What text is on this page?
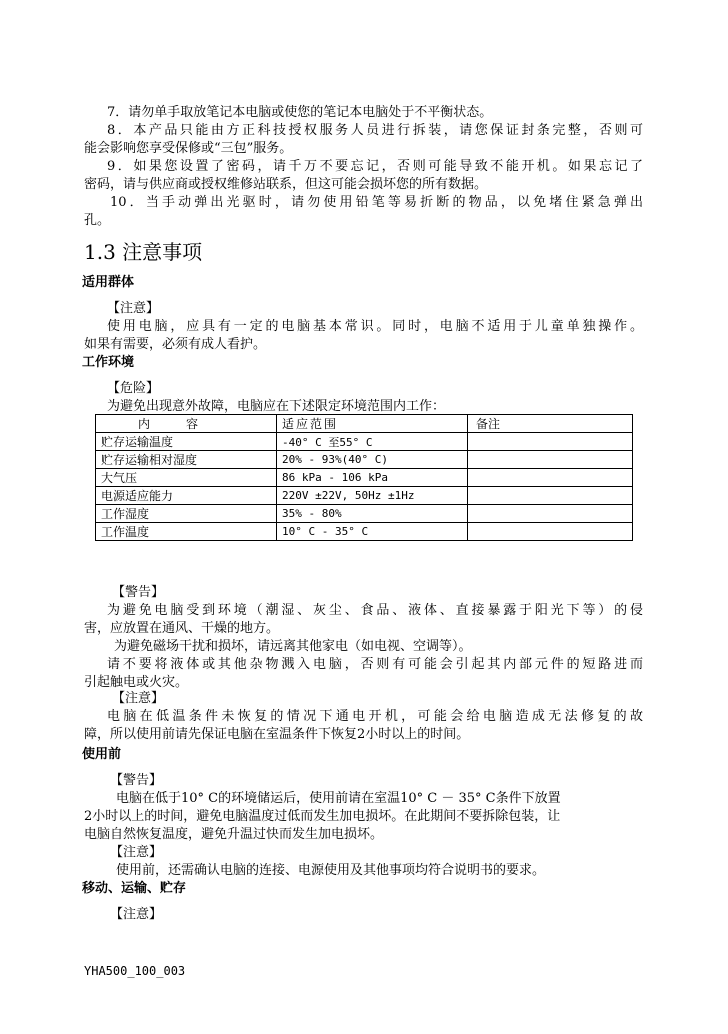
7．请勿单手取放笔记本电脑或使您的笔记本电脑处于不平衡状态。
8．本产品只能由方正科技授权服务人员进行拆装，请您保证封条完整，否则可
能会影响您享受保修或“三包”服务。
9．如果您设置了密码，请千万不要忘记，否则可能导致不能开机。如果忘记了
密码，请与供应商或授权维修站联系，但这可能会损坏您的所有数据。
10．当手动弹出光驱时，请勿使用铅笔等易折断的物品，以免堵住紧急弹出
孔。
1.3 注意事项
适用群体
【注意】
使用电脑，应具有一定的电脑基本常识。同时，电脑不适用于儿童单独操作。
如果有需要，必须有成人看护。
工作环境
【危险】
为避免出现意外故障，电脑应在下述限定环境范围内工作：
内容	适应范围	备注
贮存运输温度	-40° C 至55° C	
贮存运输相对湿度	20% - 93%(40° C)	
大气压	86 kPa - 106 kPa	
电源适应能力	220V ±22V, 50Hz ±1Hz	
工作湿度	35% - 80%	
工作温度	10° C - 35° C	
【警告】
为避免电脑受到环境（潮湿、灰尘、食品、液体、直接暴露于阳光下等）的侵
害，应放置在通风、干燥的地方。
为避免磁场干扰和损坏，请远离其他家电（如电视、空调等）。
请不要将液体或其他杂物溅入电脑，否则有可能会引起其内部元件的短路进而
引起触电或火灾。
【注意】
电脑在低温条件未恢复的情况下通电开机，可能会给电脑造成无法修复的故
障，所以使用前请先保证电脑在室温条件下恢复2小时以上的时间。
使用前
【警告】
电脑在低于10° C的环境储运后，使用前请在室温10° C － 35° C条件下放置
2小时以上的时间，避免电脑温度过低而发生加电损坏。在此期间不要拆除包装，让
电脑自然恢复温度，避免升温过快而发生加电损坏。
【注意】
使用前，还需确认电脑的连接、电源使用及其他事项均符合说明书的要求。
移动、运输、贮存
【注意】
YHA500_100_003
